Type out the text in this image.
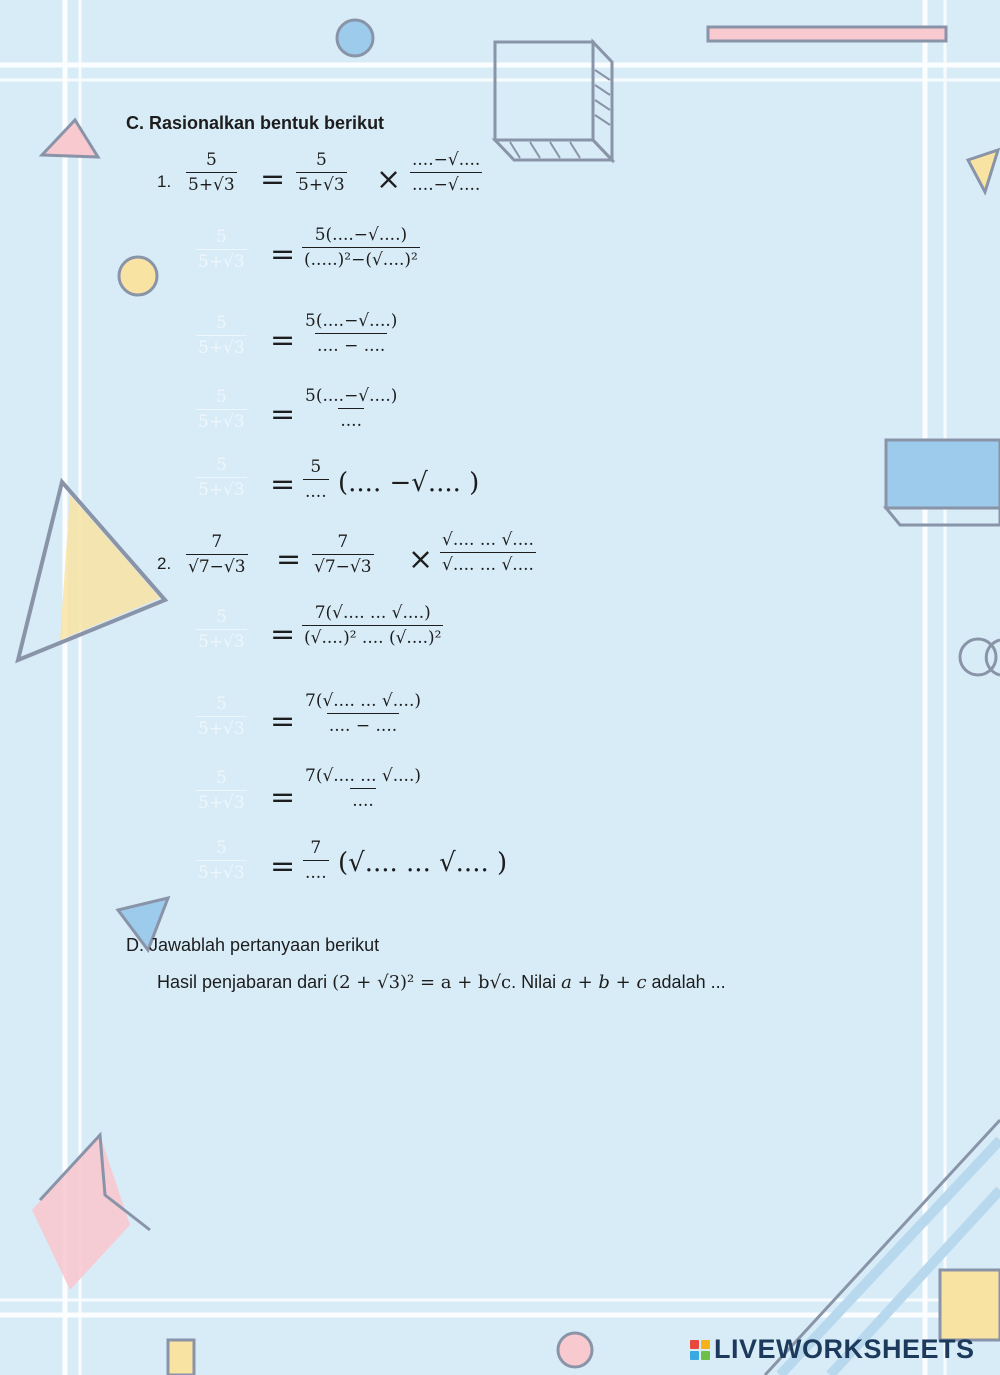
C. Rasionalkan bentuk berikut
1. $\frac{5}{5+√3} = \frac{5}{5+√3}$ ×
....−√....
....−√....
$\frac{5}{5+√3}$ =
5(....−√....)
(.....)²−(√....)²
$\frac{5}{5+√3}$ =
5(....−√....)
.... − ....
$\frac{5}{5+√3}$ =
5(....−√....)
....
$\frac{5}{5+√3} = 5$
.... (.... −√.... )
2. $\frac{7}{√7-√3} = \frac{7}{√7-√3}$ ×
√.... ... √....
√.... ... √....
$\frac{5}{5+√3}$ =
7(√.... ... √....)
(√....)² .... (√....)²
$\frac{5}{5+√3}$ =
7(√.... ... √....)
.... − ....
$\frac{5}{5+√3}$ =
7(√.... ... √....)
....
$\frac{5}{5+√3}$ =
7
.... (√.... ... √.... )
D. Jawablah pertanyaan berikut
Hasil penjabaran dari (2 + √3)² = a + b√c. Nilai a + b + c adalah ...
LIVEWORKSHEETS
